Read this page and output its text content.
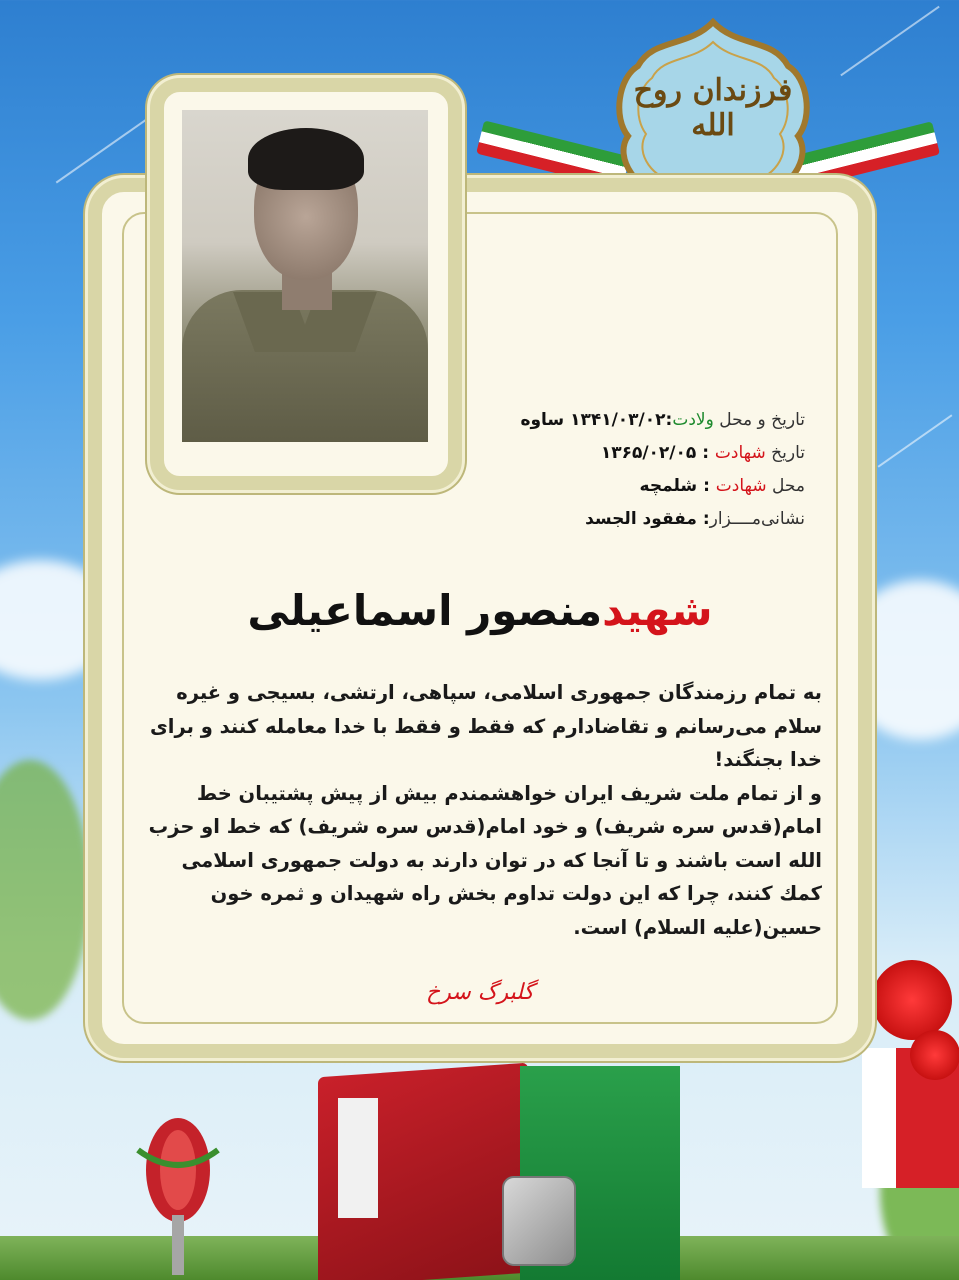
فرزندان روح الله
تاریخ و محل ولادت:۱۳۴۱/۰۳/۰۲ ساوه
تاریخ شهادت : ۱۳۶۵/۰۲/۰۵
محل شهادت : شلمچه
نشانی‌مــــزار: مفقود الجسد
شهیدمنصور اسماعیلی

به تمام رزمندگان جمهوری اسلامی، سپاهی، ارتشی، بسیجی و غیره سلام می‌رسانم و تقاضادارم که فقط و فقط با خدا معامله کنند و برای خدا بجنگند!

و از تمام ملت شریف ایران خواهشمندم بیش از پیش پشتیبان خط امام(قدس سره شریف) و خود امام(قدس سره شریف) که خط او حزب الله است باشند و تا آنجا که در توان دارند به دولت جمهوری اسلامی کمك كنند، چرا که این دولت تداوم بخش راه شهیدان و ثمره خون حسین(علیه السلام) است.

گلبرگ سرخ
